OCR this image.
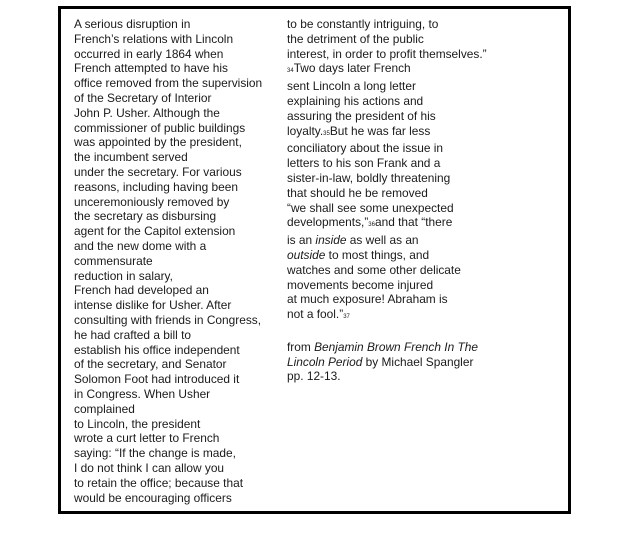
A serious disruption in
French’s relations with Lincoln
occurred in early 1864 when
French attempted to have his
office removed from the supervision
of the Secretary of Interior
John P. Usher. Although the
commissioner of public buildings
was appointed by the president,
the incumbent served
under the secretary. For various
reasons, including having been
unceremoniously removed by
the secretary as disbursing
agent for the Capitol extension
and the new dome with a
commensurate
reduction in salary,
French had developed an
intense dislike for Usher. After
consulting with friends in Congress,
he had crafted a bill to
establish his office independent
of the secretary, and Senator
Solomon Foot had introduced it
in Congress. When Usher
complained
to Lincoln, the president
wrote a curt letter to French
saying: “If the change is made,
I do not think I can allow you
to retain the office; because that
would be encouraging officers
to be constantly intriguing, to
the detriment of the public
interest, in order to profit themselves.”
34Two days later French
sent Lincoln a long letter
explaining his actions and
assuring the president of his
loyalty.35But he was far less
conciliatory about the issue in
letters to his son Frank and a
sister-in-law, boldly threatening
that should he be removed
“we shall see some unexpected
developments,”36and that “there
is an inside as well as an
outside to most things, and
watches and some other delicate
movements become injured
at much exposure! Abraham is
not a fool.”37
from Benjamin Brown French In The
Lincoln Period by Michael Spangler
pp. 12-13.
